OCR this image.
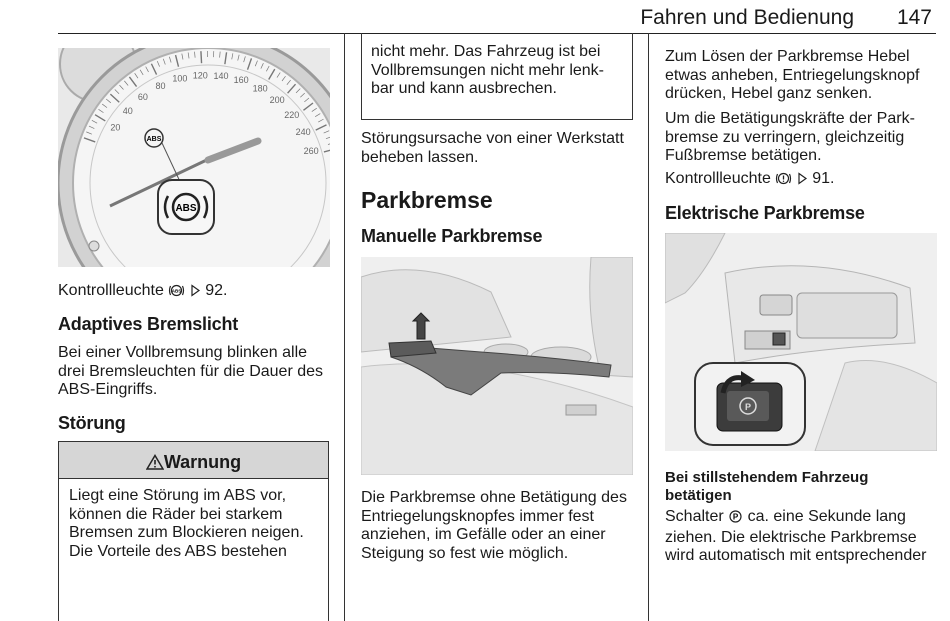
Fahren und Bedienung 147
20
40
60
80
100 120 140 160
180
200
220
240
260
ABS
ABS

Kontrollleuchte ABS 92.

Adaptives Bremslicht

Bei einer Vollbremsung blinken alle drei Bremsleuchten für die Dauer des ABS-Eingriffs.

Störung
Warnung
Liegt eine Störung im ABS vor, können die Räder bei starkem Bremsen zum Blockieren neigen. Die Vorteile des ABS bestehen

nicht mehr. Das Fahrzeug ist bei Vollbremsungen nicht mehr lenk-bar und kann ausbrechen.

Störungsursache von einer Werkstatt beheben lassen.

Parkbremse
Manuelle Parkbremse

Die Parkbremse ohne Betätigung des Entriegelungsknopfes immer fest anziehen, im Gefälle oder an einer Steigung so fest wie möglich.

Zum Lösen der Parkbremse Hebel etwas anheben, Entriegelungsknopf drücken, Hebel ganz senken.

Um die Betätigungskräfte der Park-bremse zu verringern, gleichzeitig Fußbremse betätigen.

Kontrollleuchte	91.

Elektrische Parkbremse
P

Bei stillstehendem Fahrzeug betätigen

Schalter P ca. eine Sekunde lang ziehen. Die elektrische Parkbremse wird automatisch mit entsprechender
